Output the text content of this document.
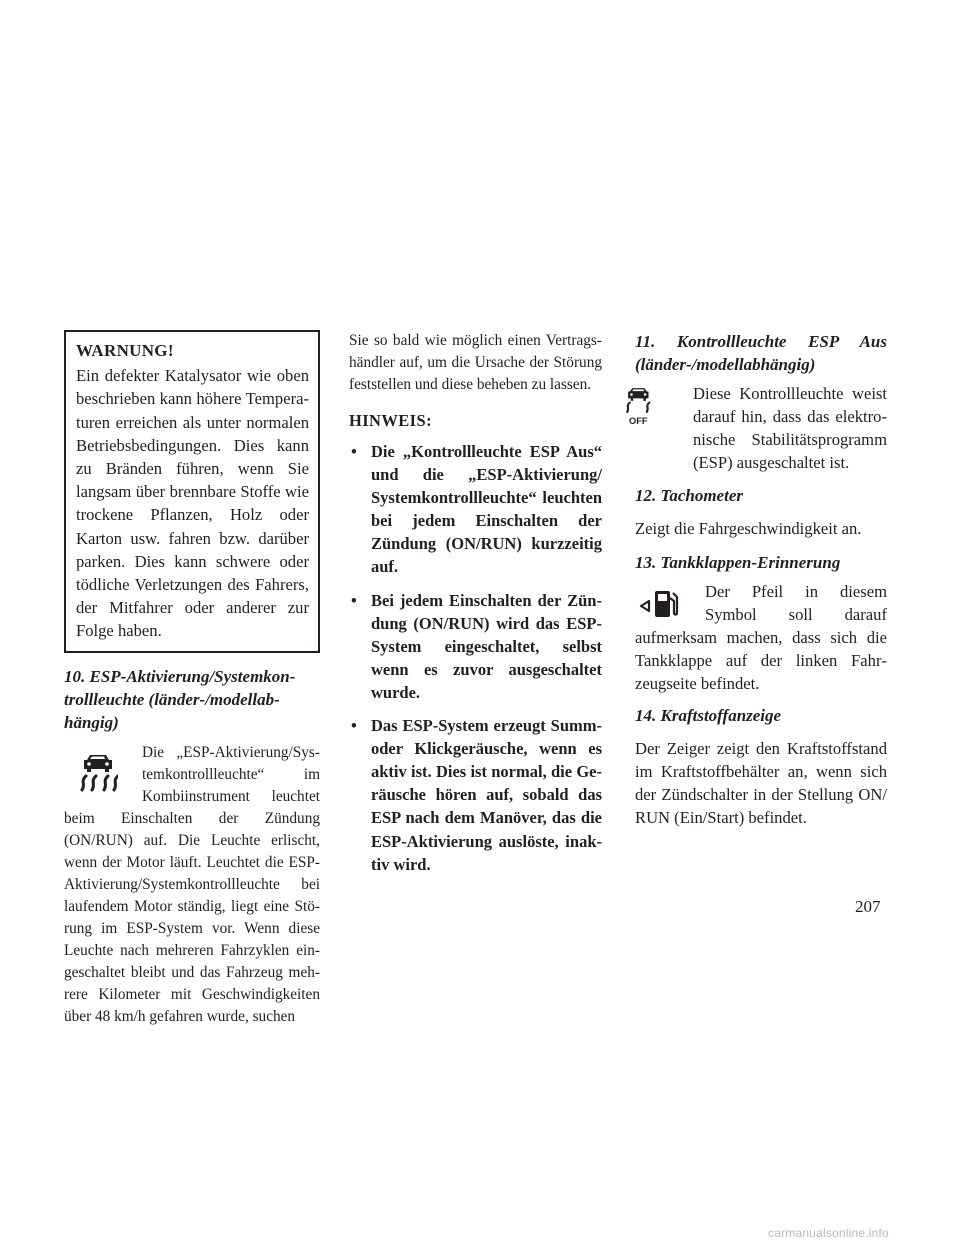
WARNUNG!
Ein defekter Katalysator wie oben beschrieben kann höhere Temperaturen erreichen als unter normalen Betriebsbedingungen. Dies kann zu Bränden führen, wenn Sie langsam über brennbare Stoffe wie trockene Pflanzen, Holz oder Karton usw. fahren bzw. darüber parken. Dies kann schwere oder tödliche Verletzungen des Fahrers, der Mitfahrer oder anderer zur Folge haben.
10. ESP-Aktivierung/Systemkontrollleuchte (länder-/modellabhängig)
Die „ESP-Aktivierung/Systemkontrollleuchte“ im Kombiinstrument leuchtet beim Einschalten der Zündung (ON/RUN) auf. Die Leuchte erlischt, wenn der Motor läuft. Leuchtet die ESP-Aktivierung/Systemkontrollleuchte bei laufendem Motor ständig, liegt eine Störung im ESP-System vor. Wenn diese Leuchte nach mehreren Fahrzyklen eingeschaltet bleibt und das Fahrzeug mehrere Kilometer mit Geschwindigkeiten über 48 km/h gefahren wurde, suchen
Sie so bald wie möglich einen Vertragshändler auf, um die Ursache der Störung feststellen und diese beheben zu lassen.
HINWEIS:
• Die „Kontrollleuchte ESP Aus“ und die „ESP-Aktivierung/ Systemkontrollleuchte“ leuchten bei jedem Einschalten der Zündung (ON/RUN) kurzzeitig auf.
• Bei jedem Einschalten der Zündung (ON/RUN) wird das ESP-System eingeschaltet, selbst wenn es zuvor ausgeschaltet wurde.
• Das ESP-System erzeugt Summ- oder Klickgeräusche, wenn es aktiv ist. Dies ist normal, die Geräusche hören auf, sobald das ESP nach dem Manöver, das die ESP-Aktivierung auslöste, inaktiv wird.
11. Kontrollleuchte ESP Aus (länder-/modellabhängig)
OFF
Diese Kontrollleuchte weist darauf hin, dass das elektronische Stabilitätsprogramm (ESP) ausgeschaltet ist.
12. Tachometer
Zeigt die Fahrgeschwindigkeit an.
13. Tankklappen-Erinnerung
Der Pfeil in diesem Symbol soll darauf aufmerksam machen, dass sich die Tankklappe auf der linken Fahrzeugseite befindet.
14. Kraftstoffanzeige
Der Zeiger zeigt den Kraftstoffstand im Kraftstoffbehälter an, wenn sich der Zündschalter in der Stellung ON/ RUN (Ein/Start) befindet.
207
carmanualsonline.info
